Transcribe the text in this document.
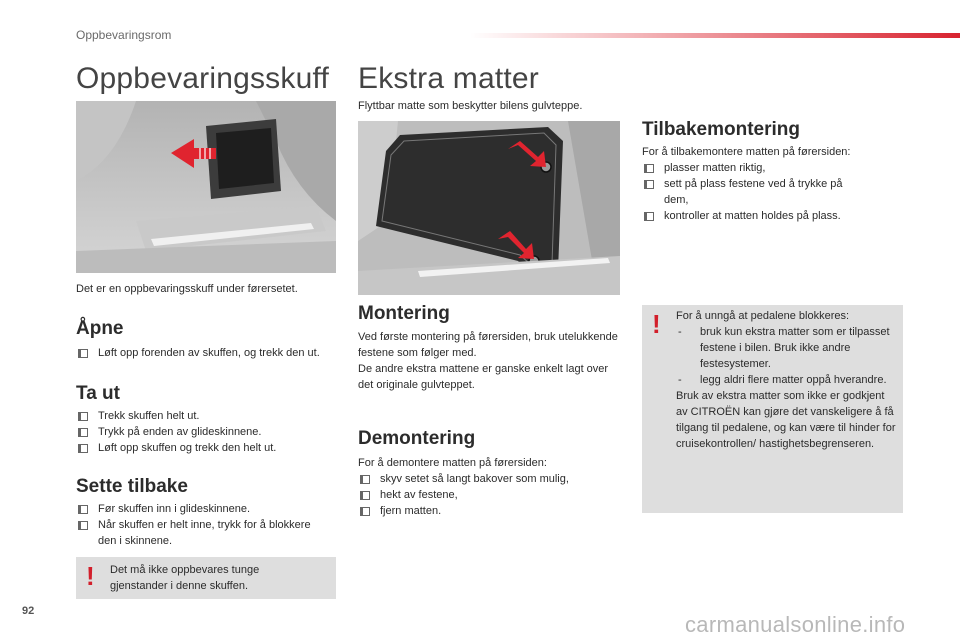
Oppbevaringsrom
Oppbevaringsskuff
Det er en oppbevaringsskuff under førersetet.
Åpne
Løft opp forenden av skuffen, og trekk den ut.
Ta ut
Trekk skuffen helt ut.
Trykk på enden av glideskinnene.
Løft opp skuffen og trekk den helt ut.
Sette tilbake
Før skuffen inn i glideskinnene.
Når skuffen er helt inne, trykk for å blokkere den i skinnene.
! Det må ikke oppbevares tunge gjenstander i denne skuffen.
Ekstra matter
Flyttbar matte som beskytter bilens gulvteppe.
Montering
Ved første montering på førersiden, bruk utelukkende festene som følger med.
De andre ekstra mattene er ganske enkelt lagt over det originale gulvteppet.
Demontering
For å demontere matten på førersiden:
skyv setet så langt bakover som mulig,
hekt av festene,
fjern matten.
Tilbakemontering
For å tilbakemontere matten på førersiden:
plasser matten riktig,
sett på plass festene ved å trykke på dem,
kontroller at matten holdes på plass.
! For å unngå at pedalene blokkeres:
- bruk kun ekstra matter som er tilpasset festene i bilen. Bruk ikke andre festesystemer.
- legg aldri flere matter oppå hverandre.
Bruk av ekstra matter som ikke er godkjent av CITROËN kan gjøre det vanskeligere å få tilgang til pedalene, og kan være til hinder for cruisekontrollen/ hastighetsbegrenseren.
92
carmanualsonline.info
